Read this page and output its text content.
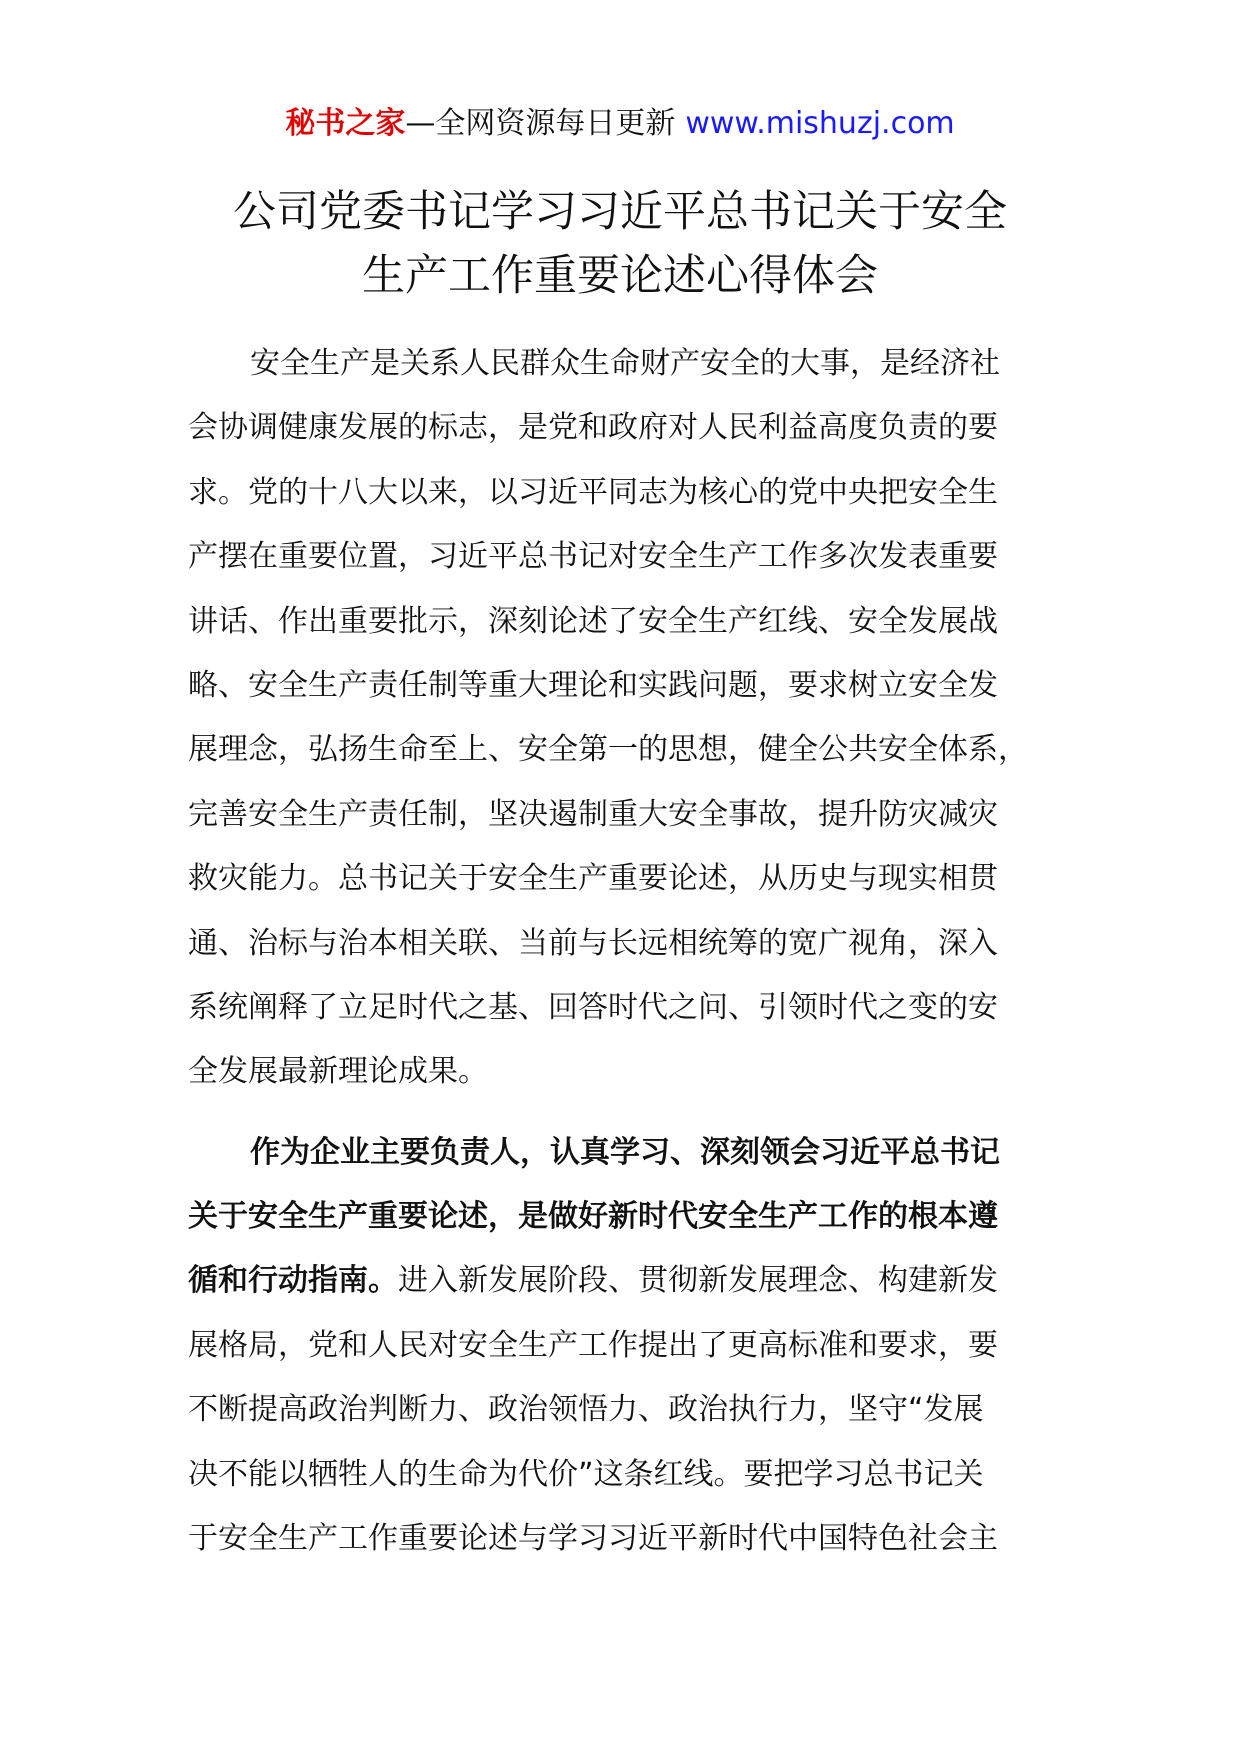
秘书之家—全网资源每日更新 www.mishuzj.com
公司党委书记学习习近平总书记关于安全
生产工作重要论述心得体会
安全生产是关系人民群众生命财产安全的大事，是经济社
会协调健康发展的标志，是党和政府对人民利益高度负责的要
求。党的十八大以来，以习近平同志为核心的党中央把安全生
产摆在重要位置，习近平总书记对安全生产工作多次发表重要
讲话、作出重要批示，深刻论述了安全生产红线、安全发展战
略、安全生产责任制等重大理论和实践问题，要求树立安全发
展理念，弘扬生命至上、安全第一的思想，健全公共安全体系，
完善安全生产责任制，坚决遏制重大安全事故，提升防灾减灾
救灾能力。总书记关于安全生产重要论述，从历史与现实相贯
通、治标与治本相关联、当前与长远相统筹的宽广视角，深入
系统阐释了立足时代之基、回答时代之问、引领时代之变的安
全发展最新理论成果。
作为企业主要负责人，认真学习、深刻领会习近平总书记
关于安全生产重要论述，是做好新时代安全生产工作的根本遵
循和行动指南。进入新发展阶段、贯彻新发展理念、构建新发
展格局，党和人民对安全生产工作提出了更高标准和要求，要
不断提高政治判断力、政治领悟力、政治执行力，坚守“发展
决不能以牺牲人的生命为代价”这条红线。要把学习总书记关
于安全生产工作重要论述与学习习近平新时代中国特色社会主
